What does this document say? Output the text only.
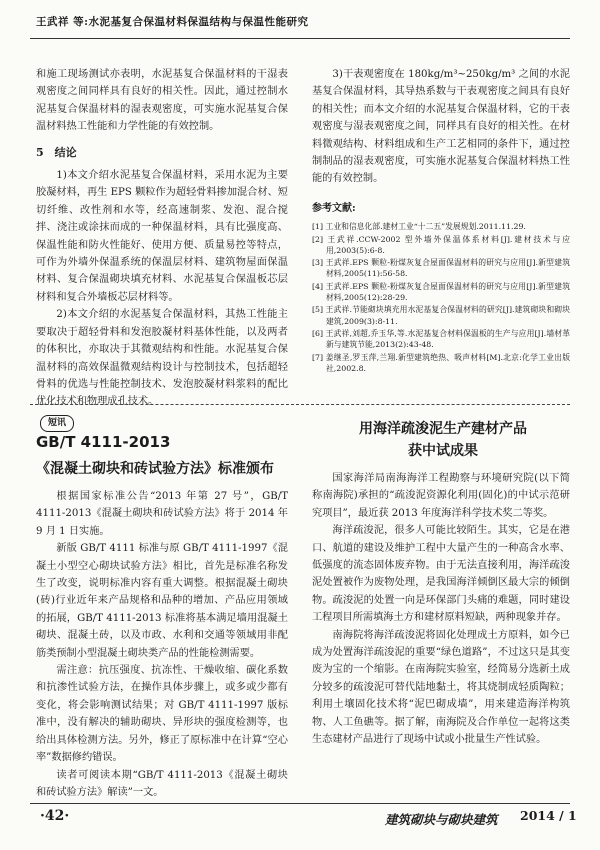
王武祥 等:水泥基复合保温材料保温结构与保温性能研究

和施工现场测试亦表明，水泥基复合保温材料的干湿表观密度之间同样具有良好的相关性。因此，通过控制水泥基复合保温材料的湿表观密度，可实施水泥基复合保温材料热工性能和力学性能的有效控制。

5　结论

1)本文介绍水泥基复合保温材料，采用水泥为主要胶凝材料，再生 EPS 颗粒作为超轻骨料掺加混合材、短切纤维、改性剂和水等，经高速制浆、发泡、混合搅拌、浇注或涂抹而成的一种保温材料，具有比强度高、保温性能和防火性能好、使用方便、质量易控等特点，可作为外墙外保温系统的保温层材料、建筑物屋面保温材料、复合保温砌块填充材料、水泥基复合保温板芯层材料和复合外墙板芯层材料等。

2)本文介绍的水泥基复合保温材料，其热工性能主要取决于超轻骨料和发泡胶凝材料基体性能，以及两者的体积比，亦取决于其微观结构和性能。水泥基复合保温材料的高效保温微观结构设计与控制技术，包括超轻骨料的优选与性能控制技术、发泡胶凝材料浆料的配比优化技术和物理成孔技术。

3)干表观密度在 180kg/m³~250kg/m³ 之间的水泥基复合保温材料，其导热系数与干表观密度之间具有良好的相关性；而本文介绍的水泥基复合保温材料，它的干表观密度与湿表观密度之间，同样具有良好的相关性。在材料微观结构、材料组成和生产工艺相同的条件下，通过控制制品的湿表观密度，可实施水泥基复合保温材料热工性能的有效控制。

参考文献:

[1] 工业和信息化部.建材工业“十二五”发展规划.2011.11.29.
[2] 王武祥.CCW-2002 型外墙外保温体系材料[J].建材技术与应用,2003(5):6-8.
[3] 王武祥.EPS 颗粒-粉煤灰复合屋面保温材料的研究与应用[J].新型建筑材料,2005(11):56-58.
[4] 王武祥.EPS 颗粒-粉煤灰复合屋面保温材料的研究与应用[J].新型建筑材料,2005(12):28-29.
[5] 王武祥.节能砌块填充用水泥基复合保温材料的研究[J].建筑砌块和砌块建筑,2009(3):8-11.
[6] 王武祥,刘超,乔玉华,等.水泥基复合材料保温板的生产与应用[J].墙材革新与建筑节能,2013(2):43-48.
[7] 姜继圣,罗玉萍,兰翔.新型建筑绝热、吸声材料[M].北京:化学工业出版社,2002.8.
短讯
GB/T 4111-2013
《混凝土砌块和砖试验方法》标准颁布

根据国家标准公告“2013 年第 27 号”，GB/T 4111-2013《混凝土砌块和砖试验方法》将于 2014 年 9 月 1 日实施。

新版 GB/T 4111 标准与原 GB/T 4111-1997《混凝土小型空心砌块试验方法》相比，首先是标准名称发生了改变，说明标准内容有重大调整。根据混凝土砌块(砖)行业近年来产品规格和品种的增加、产品应用领域的拓展，GB/T 4111-2013 标准将基本满足墙用混凝土砌块、混凝土砖，以及市政、水利和交通等领域用非配筋类预制小型混凝土砌块类产品的性能检测需要。

需注意：抗压强度、抗冻性、干燥收缩、碳化系数和抗渗性试验方法，在操作具体步骤上，或多或少都有变化，将会影响测试结果；对 GB/T 4111-1997 版标准中，没有解决的辅助砌块、异形块的强度检测等，也给出具体检测方法。另外，修正了原标准中在计算“空心率”数据修约错误。

读者可阅读本期“GB/T 4111-2013《混凝土砌块和砖试验方法》解读”一文。

用海洋疏浚泥生产建材产品
获中试成果

国家海洋局南海海洋工程勘察与环境研究院(以下简称南海院)承担的“疏浚泥资源化利用(固化)的中试示范研究项目”，最近获 2013 年度海洋科学技术奖二等奖。

海洋疏浚泥，很多人可能比较陌生。其实，它是在港口、航道的建设及维护工程中大量产生的一种高含水率、低强度的流态固体废弃物。由于无法直接利用，海洋疏浚泥处置被作为废物处理，是我国海洋倾倒区最大宗的倾倒物。疏浚泥的处置一向是环保部门头痛的难题，同时建设工程项目所需填海土方和建材原料短缺，两种现象并存。

南海院将海洋疏浚泥将固化处理成土方原料，如今已成为处置海洋疏浚泥的重要“绿色道路”，不过这只是其变废为宝的一个缩影。在南海院实验室，经简易分选新土成分较多的疏浚泥可替代陆地黏土，将其烧制成轻质陶粒；利用土壤固化技术将“泥巴砌成墙”，用来建造海洋构筑物、人工鱼礁等。据了解，南海院及合作单位一起将这类生态建材产品进行了现场中试或小批量生产性试验。

·42·	建筑砌块与砌块建筑 2014 / 1
